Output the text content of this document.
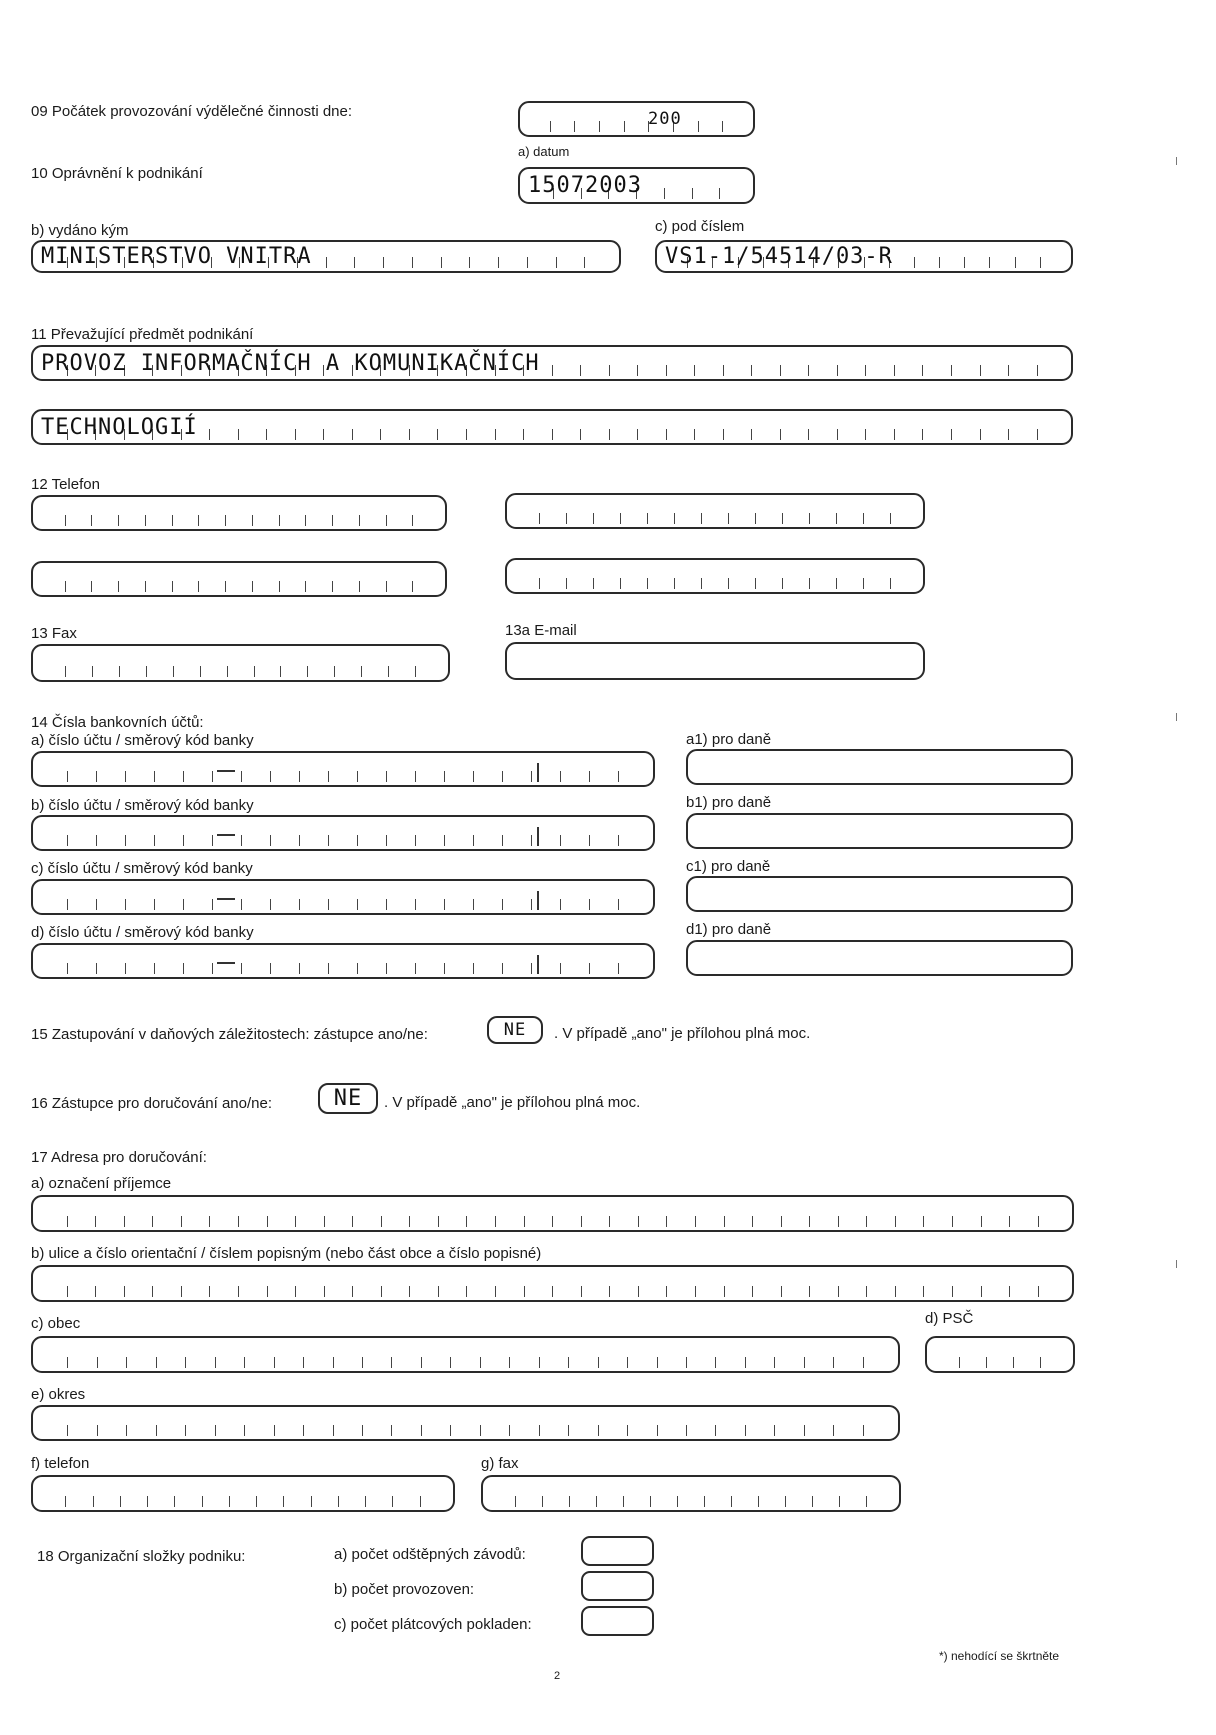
09 Počátek provozování výdělečné činnosti dne:	200
10 Oprávnění k podnikání
a) datum
15072003
b) vydáno kým
MINISTERSTVO VNITRA
c) pod číslem
VS1-1/54514/03-R
11 Převažující předmět podnikání
PROVOZ INFORMAČNÍCH A KOMUNIKAČNÍCH
TECHNOLOGIÍ
12 Telefon
13 Fax	13a E-mail
14 Čísla bankovních účtů:
a) číslo účtu / směrový kód banky	a1) pro daně
b) číslo účtu / směrový kód banky	b1) pro daně
c) číslo účtu / směrový kód banky	c1) pro daně
d) číslo účtu / směrový kód banky	d1) pro daně
15 Zastupování v daňových záležitostech: zástupce ano/ne:	NE	. V případě „ano" je přílohou plná moc.
16 Zástupce pro doručování ano/ne:	NE	. V případě „ano" je přílohou plná moc.
17 Adresa pro doručování:
a) označení příjemce
b) ulice a číslo orientační / číslem popisným (nebo část obce a číslo popisné)
c) obec	d) PSČ
e) okres
f) telefon	g) fax
18 Organizační složky podniku:	a) počet odštěpných závodů:
b) počet provozoven:
c) počet plátcových pokladen:
*) nehodící se škrtněte
2
